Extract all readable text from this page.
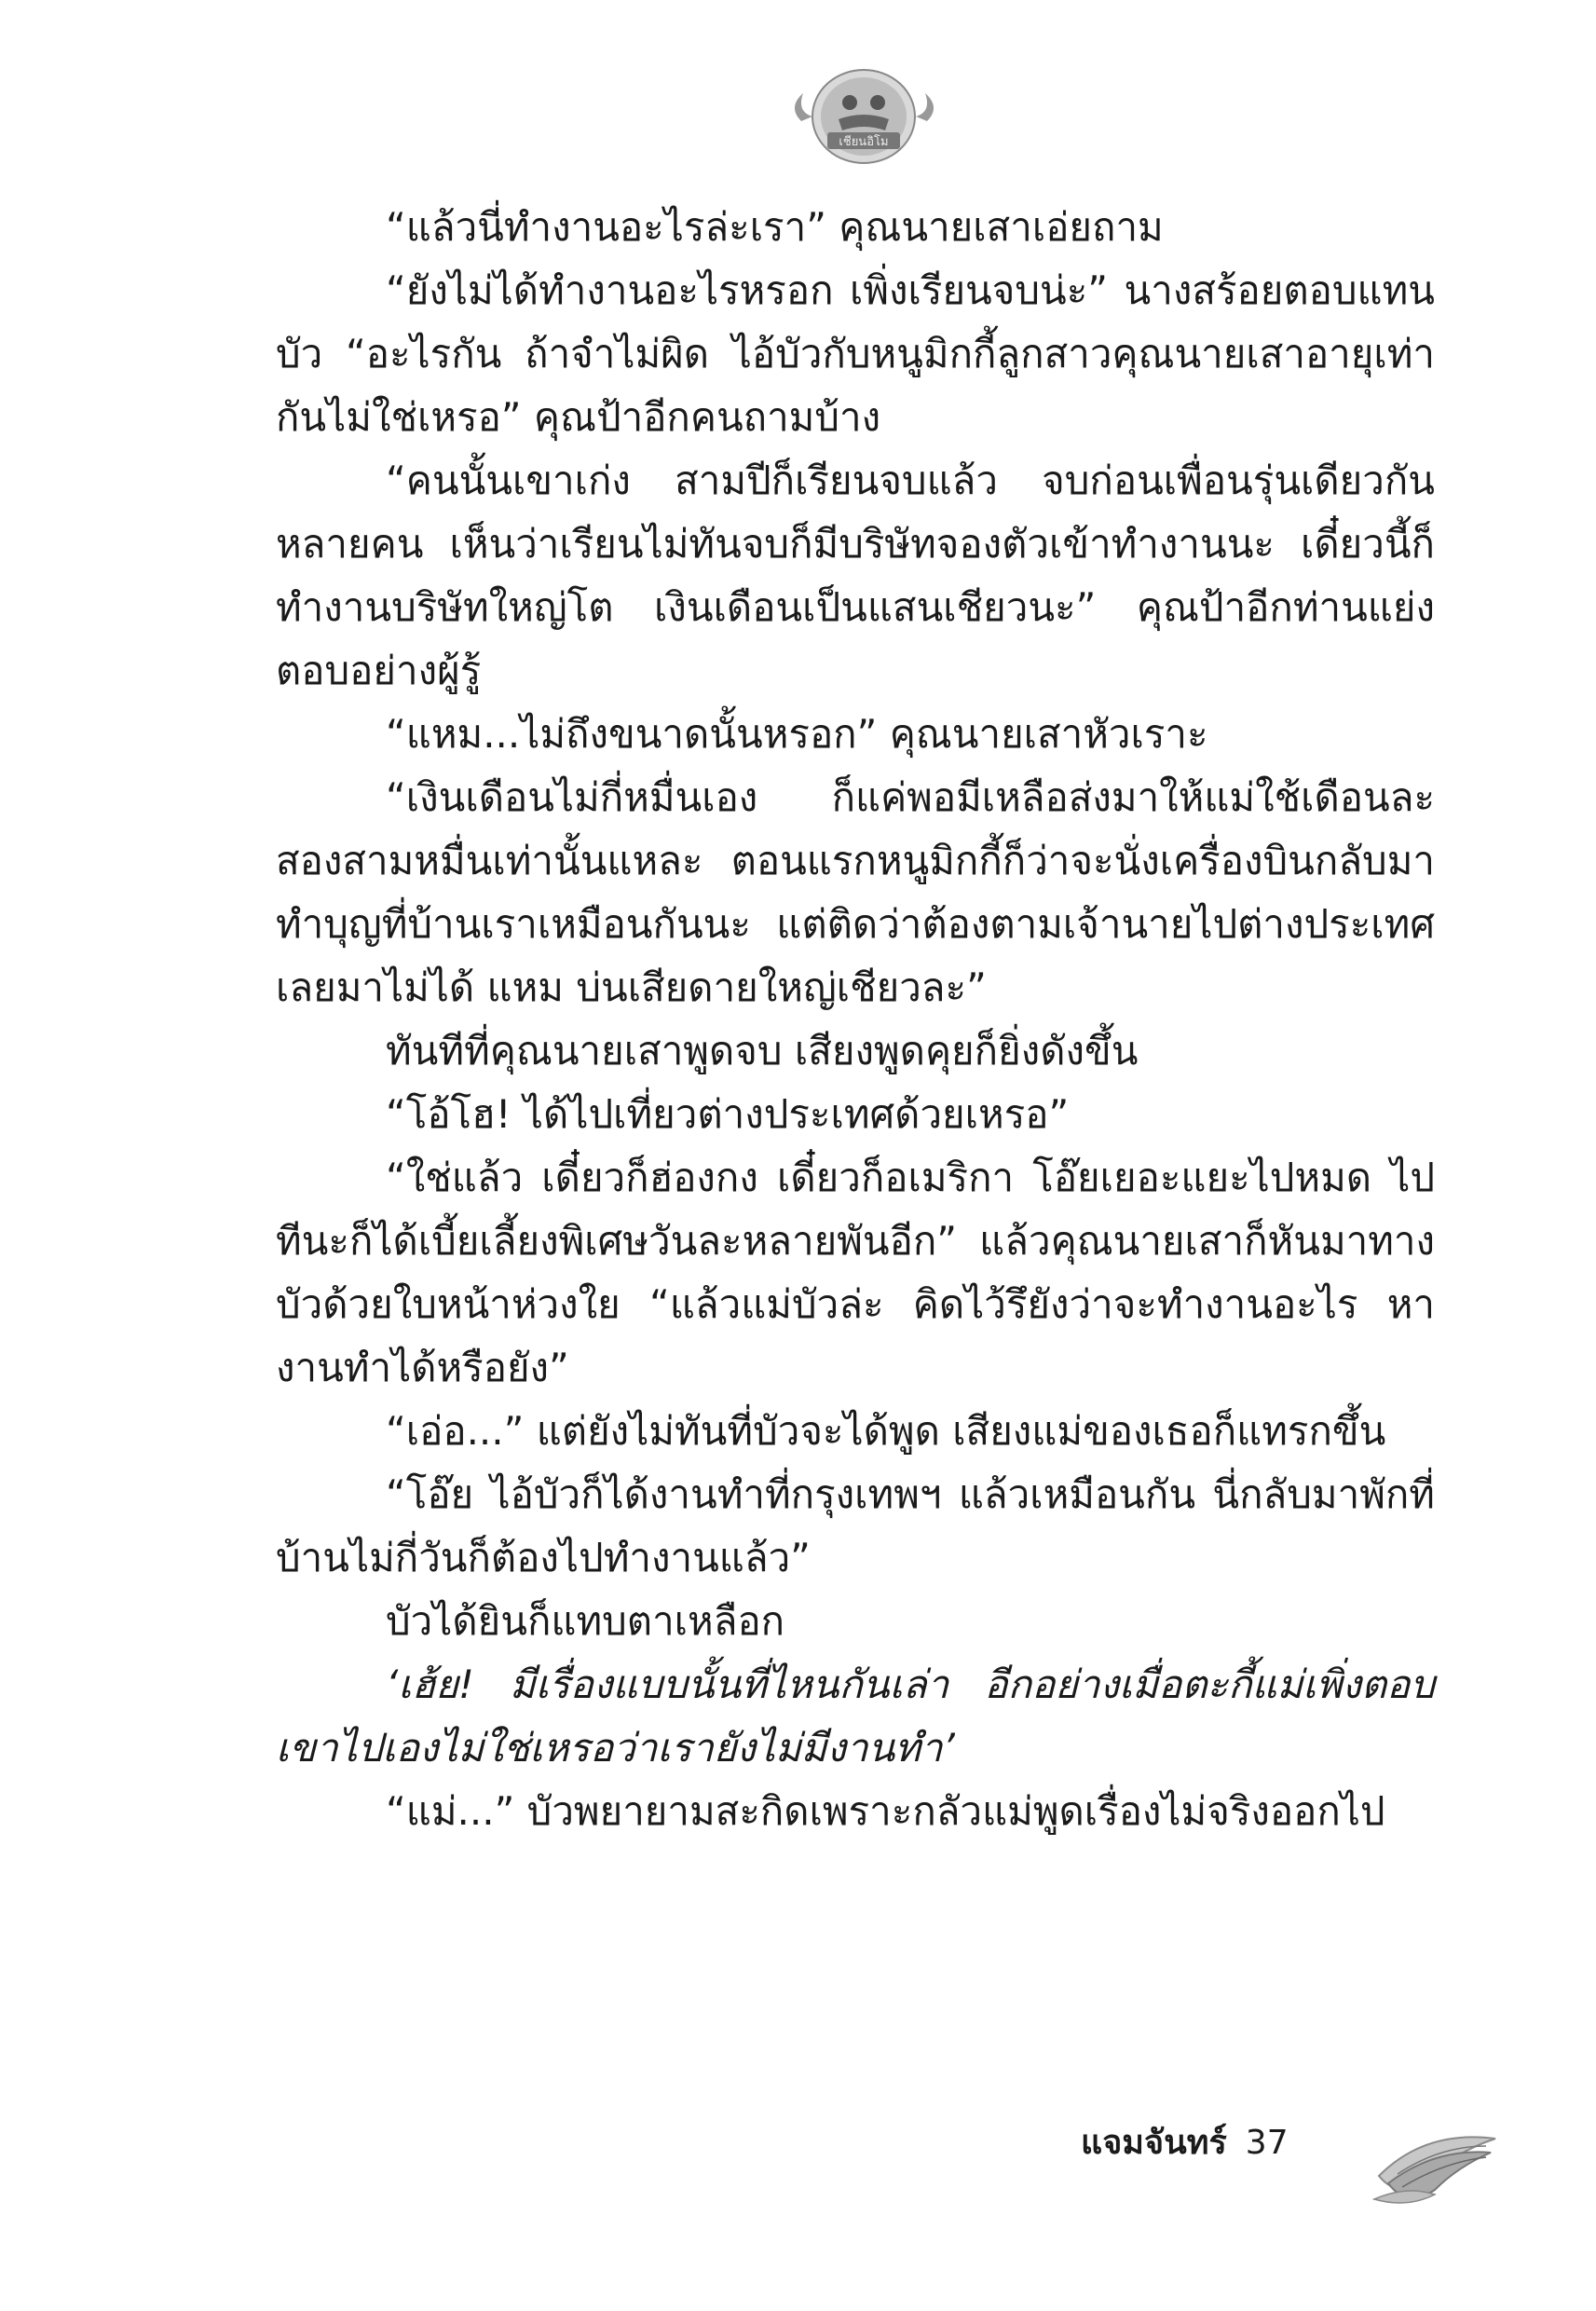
เชียนอิโม

“แล้วนี่ทำงานอะไรล่ะเรา” คุณนายเสาเอ่ยถาม

“ยังไม่ได้ทำงานอะไรหรอก เพิ่งเรียนจบน่ะ” นางสร้อยตอบแทนบัว “อะไรกัน ถ้าจำไม่ผิด ไอ้บัวกับหนูมิกกี้ลูกสาวคุณนายเสาอายุเท่ากันไม่ใช่เหรอ” คุณป้าอีกคนถามบ้าง

“คนนั้นเขาเก่ง สามปีก็เรียนจบแล้ว จบก่อนเพื่อนรุ่นเดียวกันหลายคน เห็นว่าเรียนไม่ทันจบก็มีบริษัทจองตัวเข้าทำงานนะ เดี๋ยวนี้ก็ทำงานบริษัทใหญ่โต เงินเดือนเป็นแสนเชียวนะ” คุณป้าอีกท่านแย่งตอบอย่างผู้รู้

“แหม...ไม่ถึงขนาดนั้นหรอก” คุณนายเสาหัวเราะ

“เงินเดือนไม่กี่หมื่นเอง ก็แค่พอมีเหลือส่งมาให้แม่ใช้เดือนละสองสามหมื่นเท่านั้นแหละ ตอนแรกหนูมิกกี้ก็ว่าจะนั่งเครื่องบินกลับมาทำบุญที่บ้านเราเหมือนกันนะ แต่ติดว่าต้องตามเจ้านายไปต่างประเทศเลยมาไม่ได้ แหม บ่นเสียดายใหญ่เชียวละ”

ทันทีที่คุณนายเสาพูดจบ เสียงพูดคุยก็ยิ่งดังขึ้น

“โอ้โฮ! ได้ไปเที่ยวต่างประเทศด้วยเหรอ”

“ใช่แล้ว เดี๋ยวก็ฮ่องกง เดี๋ยวก็อเมริกา โอ๊ยเยอะแยะไปหมด ไปทีนะก็ได้เบี้ยเลี้ยงพิเศษวันละหลายพันอีก” แล้วคุณนายเสาก็หันมาทางบัวด้วยใบหน้าห่วงใย “แล้วแม่บัวล่ะ คิดไว้รึยังว่าจะทำงานอะไร หางานทำได้หรือยัง”

“เอ่อ...” แต่ยังไม่ทันที่บัวจะได้พูด เสียงแม่ของเธอก็แทรกขึ้น

“โอ๊ย ไอ้บัวก็ได้งานทำที่กรุงเทพฯ แล้วเหมือนกัน นี่กลับมาพักที่บ้านไม่กี่วันก็ต้องไปทำงานแล้ว”

บัวได้ยินก็แทบตาเหลือก

‘เฮ้ย! มีเรื่องแบบนั้นที่ไหนกันเล่า อีกอย่างเมื่อตะกี้แม่เพิ่งตอบเขาไปเองไม่ใช่เหรอว่าเรายังไม่มีงานทำ’

“แม่...” บัวพยายามสะกิดเพราะกลัวแม่พูดเรื่องไม่จริงออกไป

แจมจันทร์ 37
